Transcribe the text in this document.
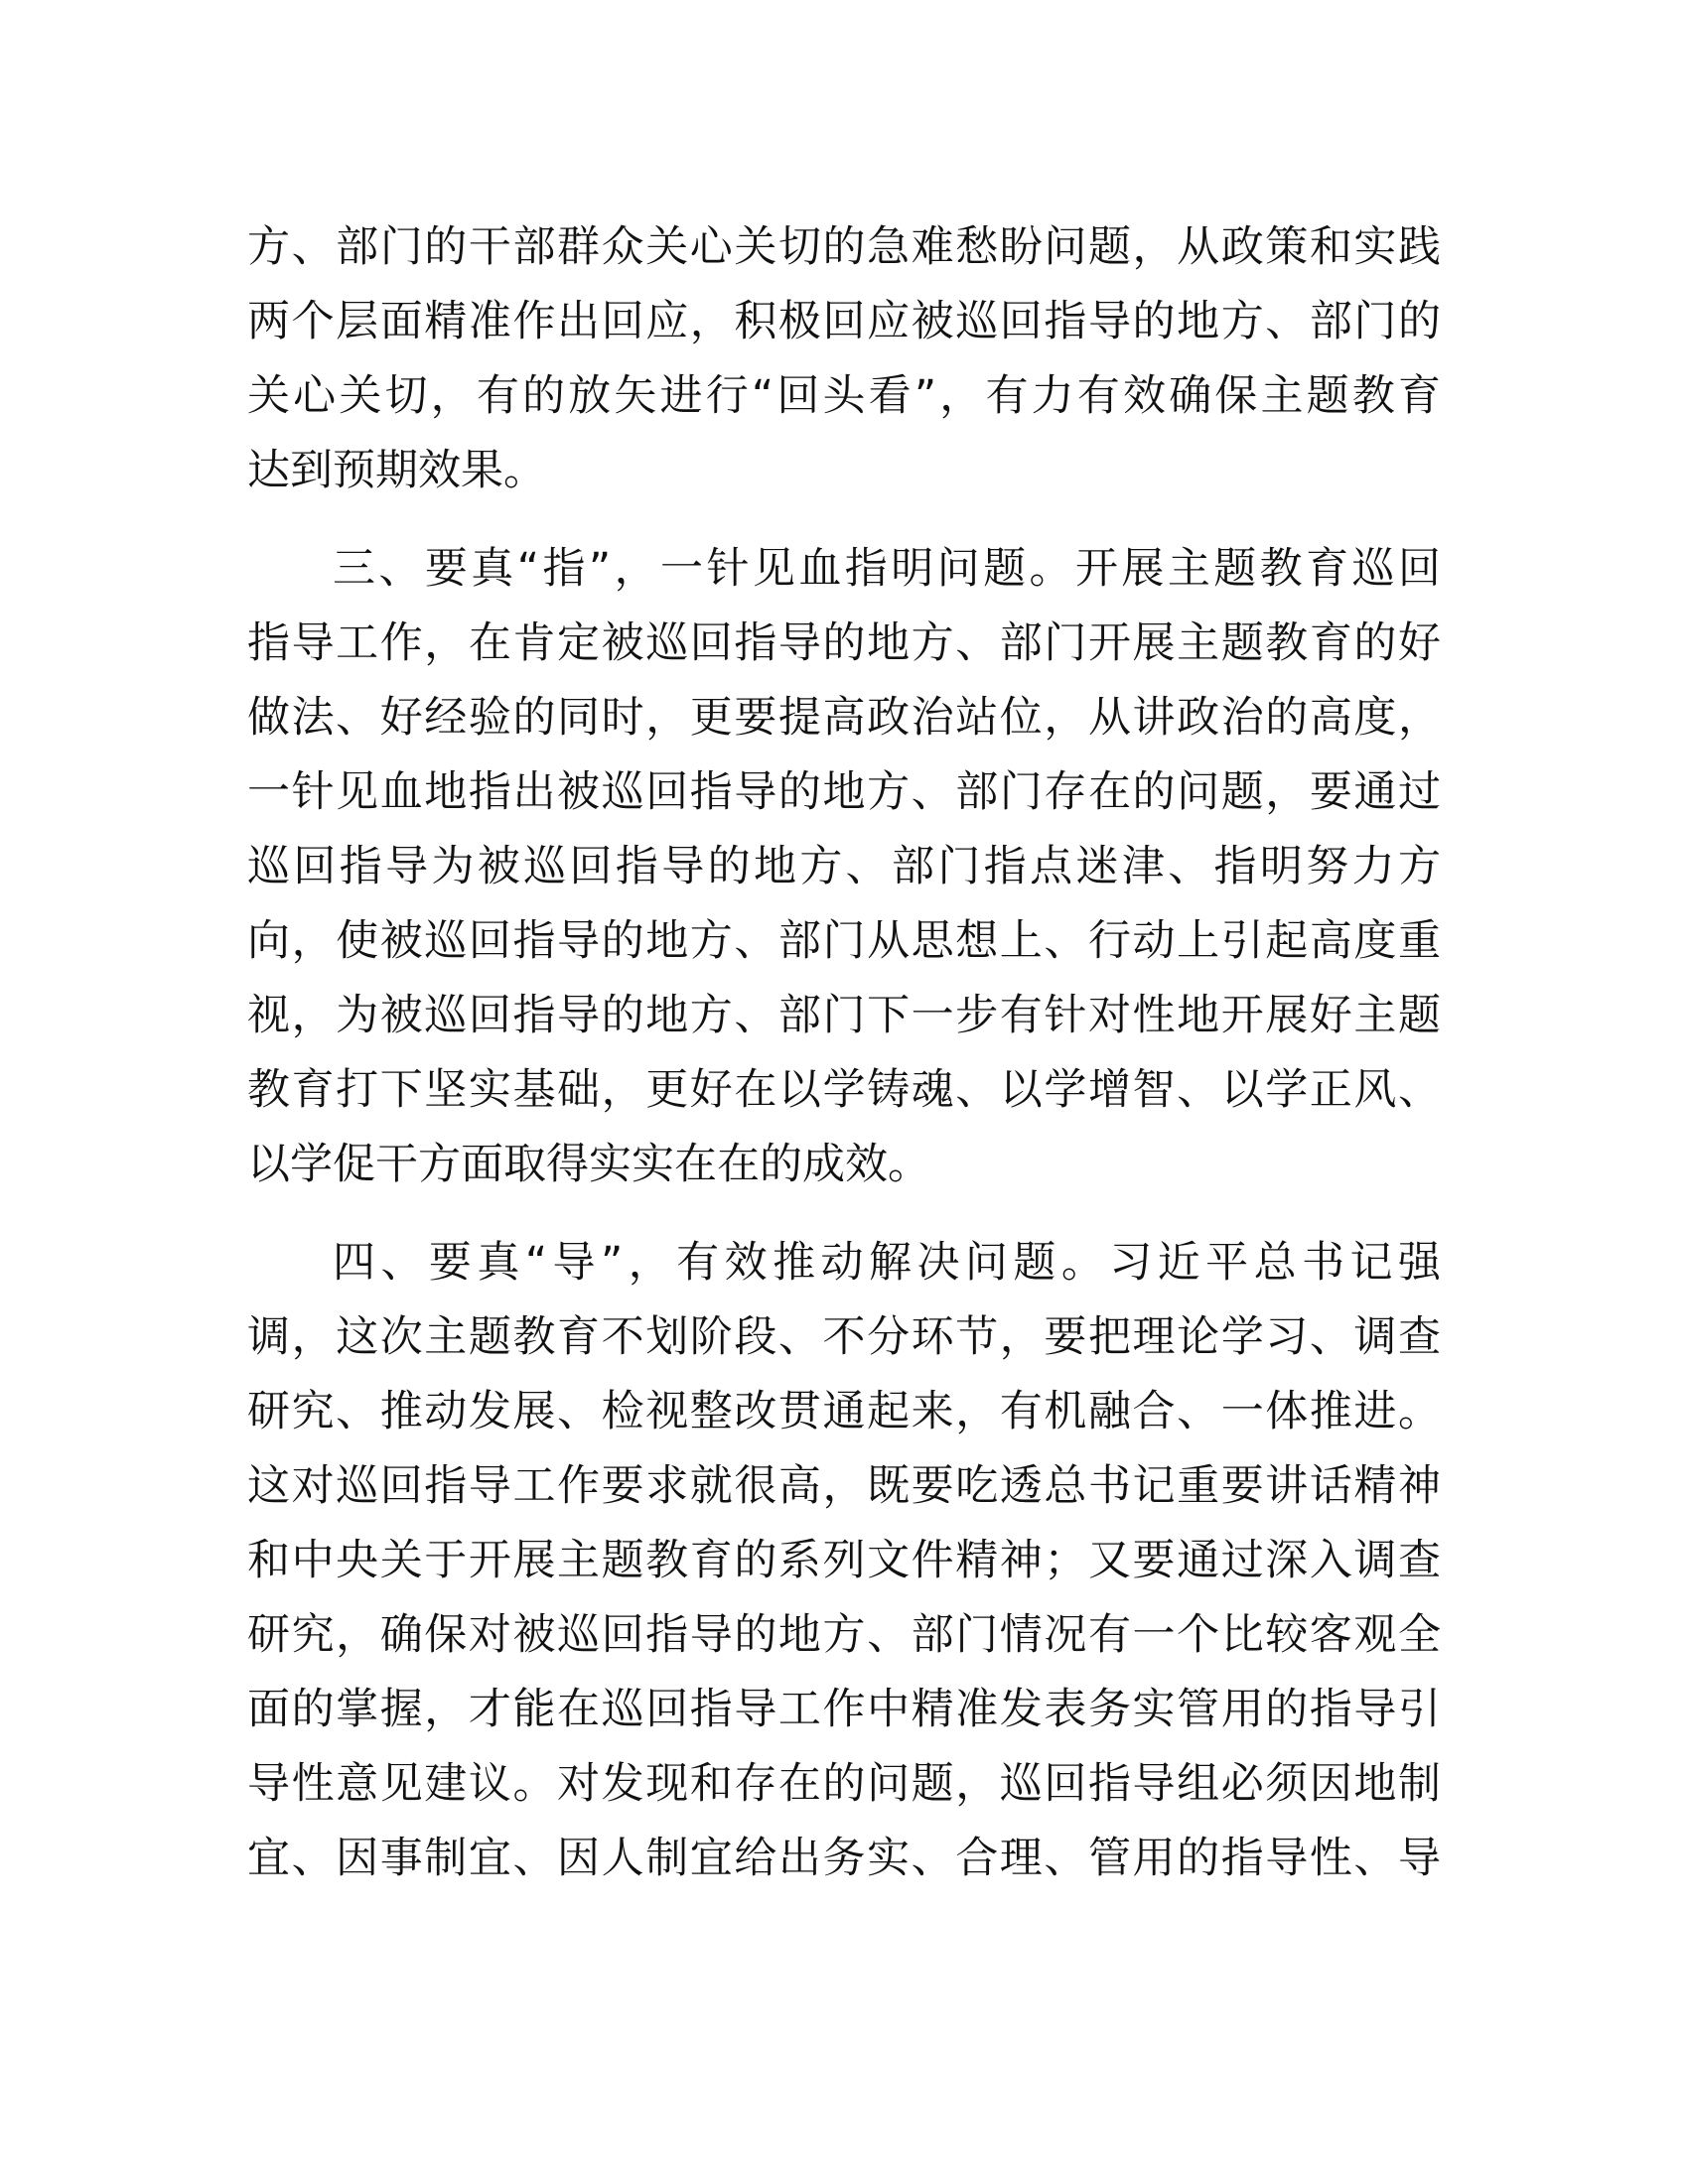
方、部门的干部群众关心关切的急难愁盼问题，从政策和实践
两个层面精准作出回应，积极回应被巡回指导的地方、部门的
关心关切，有的放矢进行“回头看”，有力有效确保主题教育
达到预期效果。

三、要真“指”，一针见血指明问题。开展主题教育巡回
指导工作，在肯定被巡回指导的地方、部门开展主题教育的好
做法、好经验的同时，更要提高政治站位，从讲政治的高度，
一针见血地指出被巡回指导的地方、部门存在的问题，要通过
巡回指导为被巡回指导的地方、部门指点迷津、指明努力方
向，使被巡回指导的地方、部门从思想上、行动上引起高度重
视，为被巡回指导的地方、部门下一步有针对性地开展好主题
教育打下坚实基础，更好在以学铸魂、以学增智、以学正风、
以学促干方面取得实实在在的成效。

四、要真“导”，有效推动解决问题。习近平总书记强
调，这次主题教育不划阶段、不分环节，要把理论学习、调查
研究、推动发展、检视整改贯通起来，有机融合、一体推进。
这对巡回指导工作要求就很高，既要吃透总书记重要讲话精神
和中央关于开展主题教育的系列文件精神；又要通过深入调查
研究，确保对被巡回指导的地方、部门情况有一个比较客观全
面的掌握，才能在巡回指导工作中精准发表务实管用的指导引
导性意见建议。对发现和存在的问题，巡回指导组必须因地制
宜、因事制宜、因人制宜给出务实、合理、管用的指导性、导
